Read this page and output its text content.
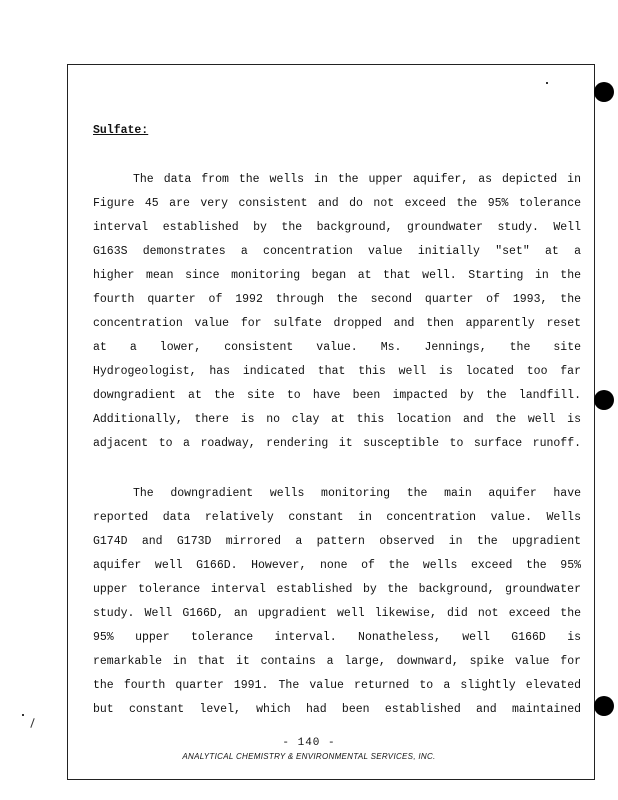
Sulfate:
The data from the wells in the upper aquifer, as depicted in
Figure 45 are very consistent and do not exceed the 95% tolerance
interval established by the background, groundwater study. Well
G163S demonstrates a concentration value initially "set" at a
higher mean since monitoring began at that well. Starting in the
fourth quarter of 1992 through the second quarter of 1993, the
concentration value for sulfate dropped and then apparently reset
at a lower, consistent value. Ms. Jennings, the site
Hydrogeologist, has indicated that this well is located too far
downgradient at the site to have been impacted by the landfill.
Additionally, there is no clay at this location and the well is
adjacent to a roadway, rendering it susceptible to surface runoff.
The downgradient wells monitoring the main aquifer have
reported data relatively constant in concentration value. Wells
G174D and G173D mirrored a pattern observed in the upgradient
aquifer well G166D. However, none of the wells exceed the 95%
upper tolerance interval established by the background, groundwater
study. Well G166D, an upgradient well likewise, did not exceed the
95% upper tolerance interval. Nonatheless, well G166D is
remarkable in that it contains a large, downward, spike value for
the fourth quarter 1991. The value returned to a slightly elevated
but constant level, which had been established and maintained
- 140 -
ANALYTICAL CHEMISTRY & ENVIRONMENTAL SERVICES, INC.
